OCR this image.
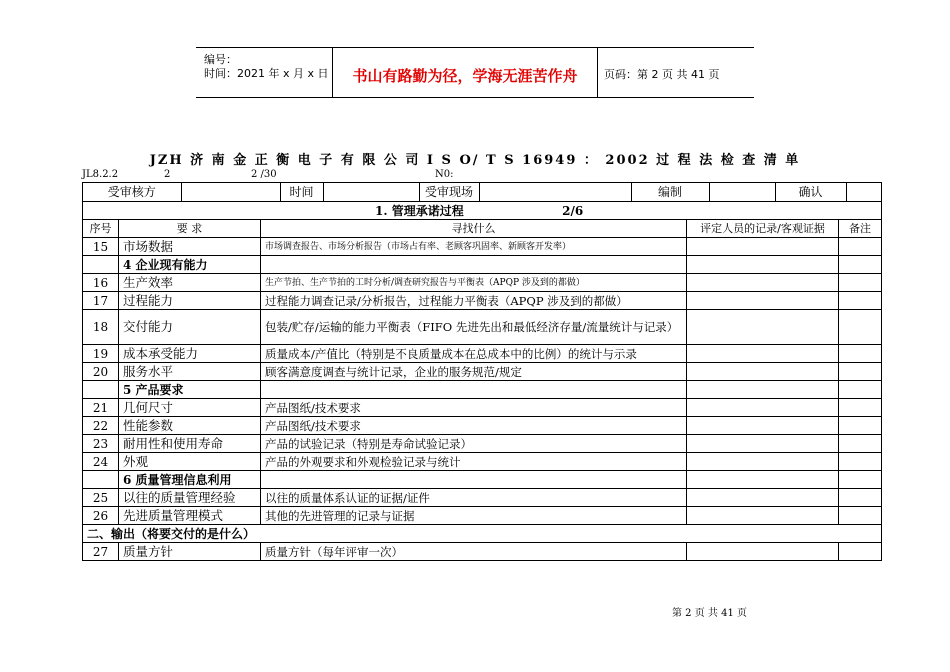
编号：
时间：2021 年 x 月 x 日	书山有路勤为径，学海无涯苦作舟	页码：第 2 页 共 41 页
JZH 济 南 金 正 衡 电 子 有 限 公 司 I S O/ T S 16949 ： 2002 过 程 法 检 查 清 单
JL8.2.2	2	2 /30	N0:
受审核方		时间		受审现场		编制		确认	

1. 管理承诺过程	2/6
序号	要 求	寻找什么	评定人员的记录/客观证据	备注
15	市场数据	市场调查报告、市场分析报告（市场占有率、老顾客巩固率、新顾客开发率）		
	4 企业现有能力			
16	生产效率	生产节拍、生产节拍的工时分析/调查研究报告与平衡表（APQP 涉及到的都做）		
17	过程能力	过程能力调查记录/分析报告，过程能力平衡表（APQP 涉及到的都做）		
18	交付能力	包装/贮存/运输的能力平衡表（FIFO 先进先出和最低经济存量/流量统计与记录）		
19	成本承受能力	质量成本/产值比（特别是不良质量成本在总成本中的比例）的统计与示录		
20	服务水平	顾客满意度调查与统计记录，企业的服务规范/规定		
	5 产品要求			
21	几何尺寸	产品图纸/技术要求		
22	性能参数	产品图纸/技术要求		
23	耐用性和使用寿命	产品的试验记录（特别是寿命试验记录）		
24	外观	产品的外观要求和外观检验记录与统计		
	6 质量管理信息利用			
25	以往的质量管理经验	以往的质量体系认证的证据/证件		
26	先进质量管理模式	其他的先进管理的记录与证据		
二、输出（将要交付的是什么）
27	质量方针	质量方针（每年评审一次）		
第 2 页 共 41 页
